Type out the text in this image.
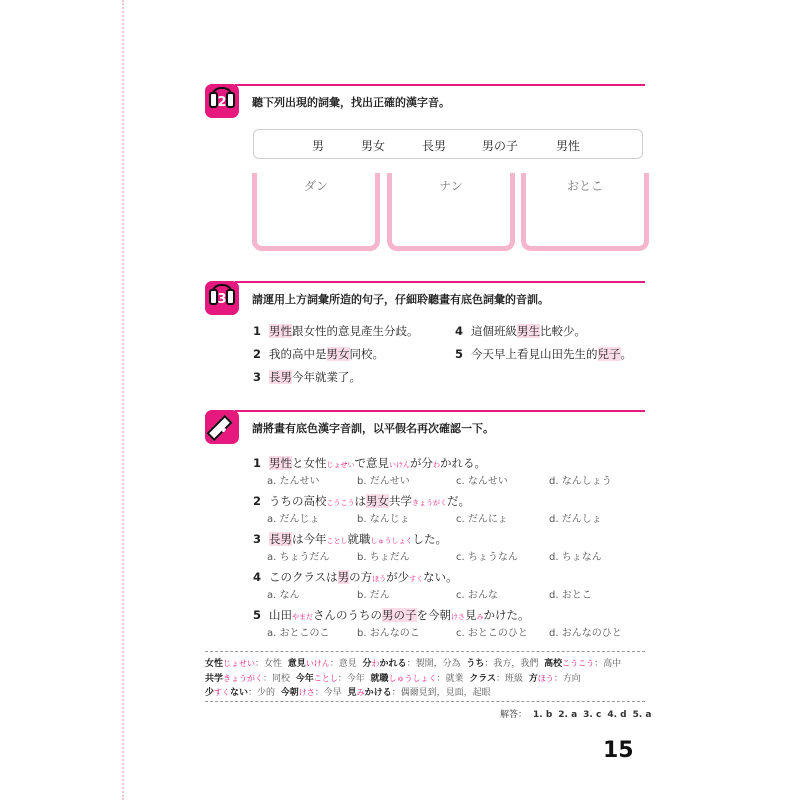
2	聽下列出現的詞彙，找出正確的漢字音。
男	男女	長男	男の子	男性
ダン	ナン	おとこ
3	請運用上方詞彙所造的句子，仔細聆聽畫有底色詞彙的音訓。
1 男性跟女性的意見產生分歧。
2 我的高中是男女同校。
3 長男今年就業了。
4 這個班級男生比較少。
5 今天早上看見山田先生的兒子。
4	請將畫有底色漢字音訓，以平假名再次確認一下。
1 男性と女性じょせいで意見いけんが分わかれる。
a. たんせい	b. だんせい	c. なんせい	d. なんしょう
2 うちの高校こうこうは男女共学きょうがくだ。
a. だんじょ	b. なんじょ	c. だんにょ	d. だんしょ
3 長男は今年ことし就職しゅうしょくした。
a. ちょうだん	b. ちょだん	c. ちょうなん	d. ちょなん
4 このクラスは男の方ほうが少すくない。
a. なん	b. だん	c. おんな	d. おとこ
5 山田やまださんのうちの男の子を今朝けさ見みかけた。
a. おとこのこ	b. おんなのこ	c. おとこのひと d. おんなのひと
女性じょせい：女性 意見いけん：意見 分わかれる：製開，分為 うち：我方，我們 高校こうこう：高中
共学きょうがく：同校 今年ことし：今年 就職しゅうしょく：就業 クラス：班級 方ほう：方向
少すくない：少的 今朝けさ：今早 見みかける：偶爾見到，見面，起眼
解答： 1. b 2. a 3. c 4. d 5. a
15
